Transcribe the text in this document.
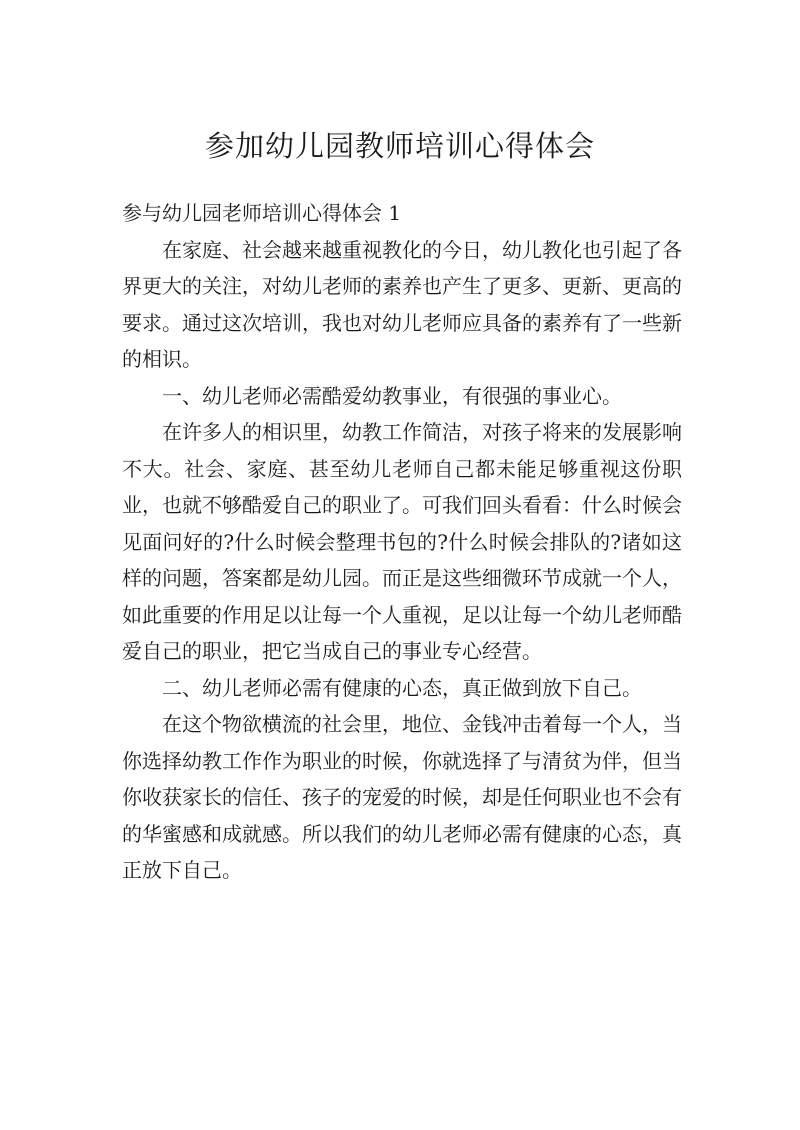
参加幼儿园教师培训心得体会

参与幼儿园老师培训心得体会 1

在家庭、社会越来越重视教化的今日，幼儿教化也引起了各界更大的关注，对幼儿老师的素养也产生了更多、更新、更高的要求。通过这次培训，我也对幼儿老师应具备的素养有了一些新的相识。

一、幼儿老师必需酷爱幼教事业，有很强的事业心。

在许多人的相识里，幼教工作简洁，对孩子将来的发展影响不大。社会、家庭、甚至幼儿老师自己都未能足够重视这份职业，也就不够酷爱自己的职业了。可我们回头看看：什么时候会见面问好的?什么时候会整理书包的?什么时候会排队的?诸如这样的问题，答案都是幼儿园。而正是这些细微环节成就一个人，如此重要的作用足以让每一个人重视，足以让每一个幼儿老师酷爱自己的职业，把它当成自己的事业专心经营。

二、幼儿老师必需有健康的心态，真正做到放下自己。

在这个物欲横流的社会里，地位、金钱冲击着每一个人，当你选择幼教工作作为职业的时候，你就选择了与清贫为伴，但当你收获家长的信任、孩子的宠爱的时候，却是任何职业也不会有的华蜜感和成就感。所以我们的幼儿老师必需有健康的心态，真正放下自己。
